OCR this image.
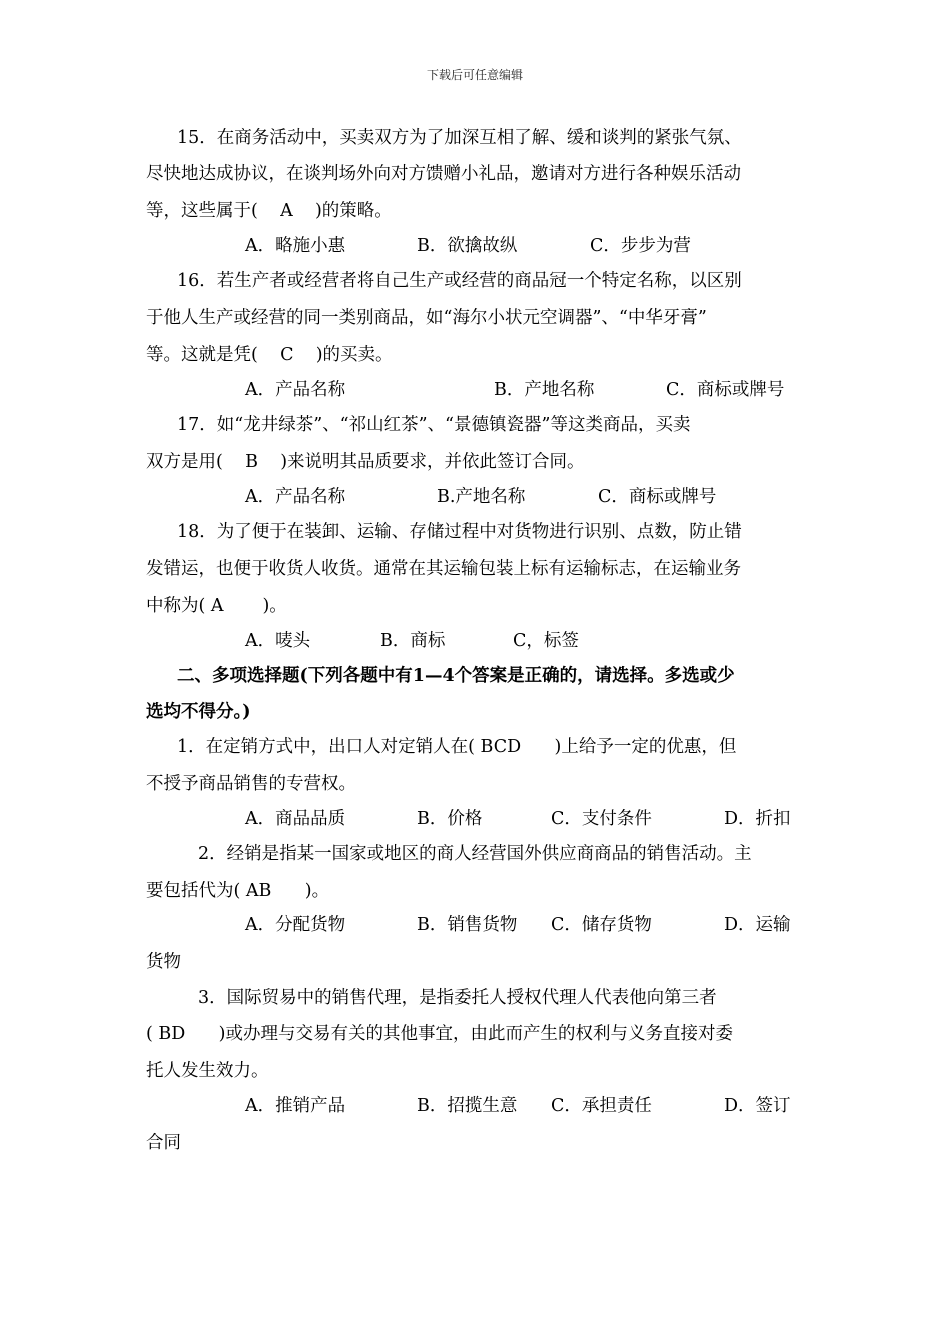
下载后可任意编辑
15．在商务活动中，买卖双方为了加深互相了解、缓和谈判的紧张气氛、
尽快地达成协议，在谈判场外向对方馈赠小礼品，邀请对方进行各种娱乐活动
等，这些属于(    A    )的策略。
A．略施小惠	B．欲擒故纵	C．步步为营
16．若生产者或经营者将自己生产或经营的商品冠一个特定名称，以区别
于他人生产或经营的同一类别商品，如“海尔小状元空调器”、“中华牙膏”
等。这就是凭(    C    )的买卖。
A．产品名称	B．产地名称	C．商标或牌号
17．如“龙井绿茶”、“祁山红茶”、“景德镇瓷器”等这类商品，买卖
双方是用(    B    )来说明其品质要求，并依此签订合同。
A．产品名称	B.产地名称	C．商标或牌号
18．为了便于在装卸、运输、存储过程中对货物进行识别、点数，防止错
发错运，也便于收货人收货。通常在其运输包装上标有运输标志，在运输业务
中称为( A       )。
A．唛头	B．商标	C，标签
二、多项选择题(下列各题中有1—4个答案是正确的，请选择。多选或少
选均不得分。)
1．在定销方式中，出口人对定销人在( BCD      )上给予一定的优惠，但
不授予商品销售的专营权。
A．商品品质	B．价格	C．支付条件	D．折扣
2．经销是指某一国家或地区的商人经营国外供应商商品的销售活动。主
要包括代为( AB      )。
A．分配货物	B．销售货物 C．储存货物	D．运输
货物
3．国际贸易中的销售代理，是指委托人授权代理人代表他向第三者
( BD      )或办理与交易有关的其他事宜，由此而产生的权利与义务直接对委
托人发生效力。
A．推销产品	B．招揽生意 C．承担责任	D．签订
合同
